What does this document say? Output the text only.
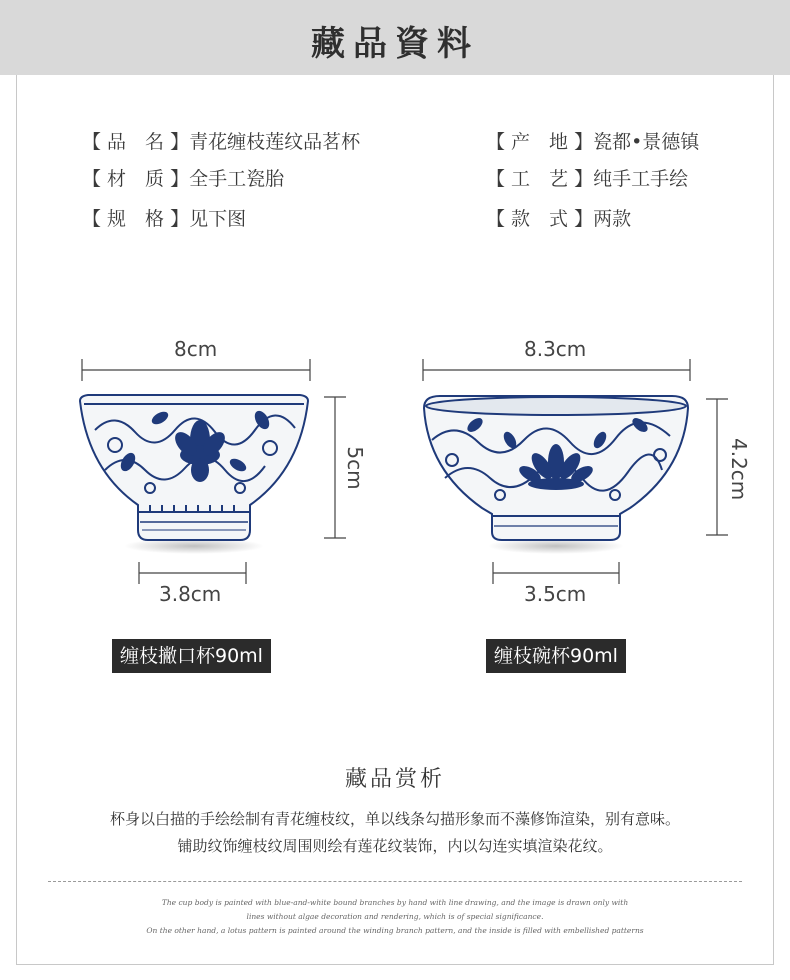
藏品資料
【 品　名 】青花缠枝莲纹品茗杯	【 产　地 】瓷都•景德镇
【 材　质 】全手工瓷胎	【 工　艺 】纯手工手绘
【 规　格 】见下图	【 款　式 】两款
8cm
5cm
3.8cm
8.3cm
4.2cm
3.5cm
缠枝撇口杯90ml	缠枝碗杯90ml
藏品赏析
杯身以白描的手绘绘制有青花缠枝纹，单以线条勾描形象而不藻修饰渲染，别有意味。
铺助纹饰缠枝纹周围则绘有莲花纹装饰，内以勾连实填渲染花纹。
The cup body is painted with blue-and-white bound branches by hand with line drawing, and the image is drawn only with
lines without algae decoration and rendering, which is of special significance.
On the other hand, a lotus pattern is painted around the winding branch pattern, and the inside is filled with embellished patterns
